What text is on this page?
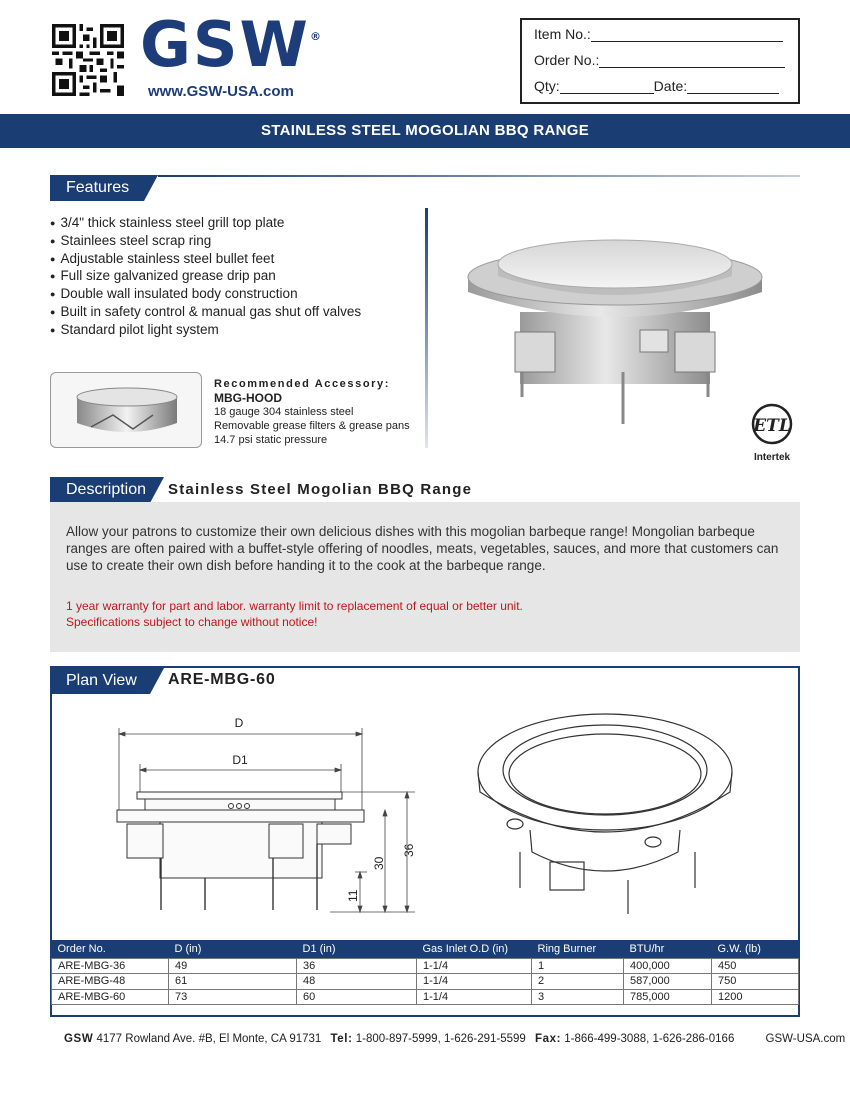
GSW®
www.GSW-USA.com
Item No.:
Order No.:
Qty:	Date:
STAINLESS STEEL MOGOLIAN BBQ RANGE
Features
● 3/4" thick stainless steel grill top plate
● Stainlees steel scrap ring
● Adjustable stainless steel bullet feet
● Full size galvanized grease drip pan
● Double wall insulated body construction
● Built in safety control & manual gas shut off valves
● Standard pilot light system
Recommended Accessory:
MBG-HOOD
18 gauge 304 stainless steel
Removable grease filters & grease pans
14.7 psi static pressure
ETL
Intertek
Description Stainless Steel Mogolian BBQ Range
Allow your patrons to customize their own delicious dishes with this mogolian barbeque range! Mongolian barbeque ranges are often paired with a buffet-style offering of noodles, meats, vegetables, sauces, and more that customers can use to create their own dish before handing it to the cook at the barbeque range.
1 year warranty for part and labor. warranty limit to replacement of equal or better unit.
Specifications subject to change without notice!
Plan View	ARE-MBG-60
D
D1
36
30
11
Order No.	D (in)	D1 (in)	Gas Inlet O.D (in)	Ring Burner	BTU/hr	G.W. (lb)
ARE-MBG-36	49	36	1-1/4	1	400,000	450
ARE-MBG-48	61	48	1-1/4	2	587,000	750
ARE-MBG-60	73	60	1-1/4	3	785,000	1200
GSW 4177 Rowland Ave. #B, El Monte, CA 91731 Tel: 1-800-897-5999, 1-626-291-5599 Fax: 1-866-499-3088, 1-626-286-0166	GSW-USA.com
